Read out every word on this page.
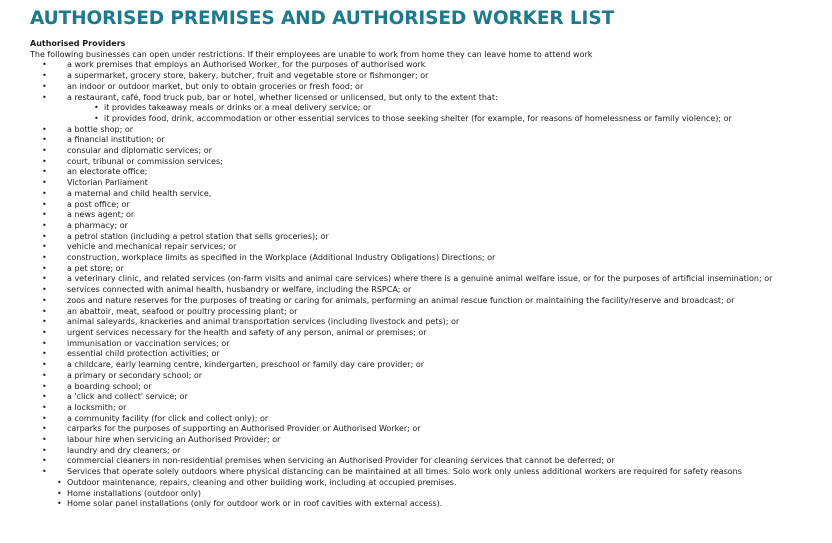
AUTHORISED PREMISES AND AUTHORISED WORKER LIST
Authorised Providers
The following businesses can open under restrictions. If their employees are unable to work from home they can leave home to attend work
•	a work premises that employs an Authorised Worker, for the purposes of authorised work
•	a supermarket, grocery store, bakery, butcher, fruit and vegetable store or fishmonger; or
•	an indoor or outdoor market, but only to obtain groceries or fresh food; or
•	a restaurant, café, food truck pub, bar or hotel, whether licensed or unlicensed, but only to the extent that:
• it provides takeaway meals or drinks or a meal delivery service; or
• it provides food, drink, accommodation or other essential services to those seeking shelter (for example, for reasons of homelessness or family violence); or
•	a bottle shop; or
•	a financial institution; or
•	consular and diplomatic services; or
•	court, tribunal or commission services;
•	an electorate office;
•	Victorian Parliament
•	a maternal and child health service,
•	a post office; or
•	a news agent; or
•	a pharmacy; or
•	a petrol station (including a petrol station that sells groceries); or
•	vehicle and mechanical repair services; or
•	construction, workplace limits as specified in the Workplace (Additional Industry Obligations) Directions; or
•	a pet store; or
•	a veterinary clinic, and related services (on-farm visits and animal care services) where there is a genuine animal welfare issue, or for the purposes of artificial insemination; or
•	services connected with animal health, husbandry or welfare, including the RSPCA; or
•	zoos and nature reserves for the purposes of treating or caring for animals, performing an animal rescue function or maintaining the facility/reserve and broadcast; or
•	an abattoir, meat, seafood or poultry processing plant; or
•	animal saleyards, knackeries and animal transportation services (including livestock and pets); or
•	urgent services necessary for the health and safety of any person, animal or premises; or
•	immunisation or vaccination services; or
•	essential child protection activities; or
•	a childcare, early learning centre, kindergarten, preschool or family day care provider; or
•	a primary or secondary school; or
•	a boarding school; or
•	a 'click and collect' service; or
•	a locksmith; or
•	a community facility (for click and collect only); or
•	carparks for the purposes of supporting an Authorised Provider or Authorised Worker; or
•	labour hire when servicing an Authorised Provider; or
•	laundry and dry cleaners; or
•	commercial cleaners in non-residential premises when servicing an Authorised Provider for cleaning services that cannot be deferred; or
•	Services that operate solely outdoors where physical distancing can be maintained at all times. Solo work only unless additional workers are required for safety reasons
• Outdoor maintenance, repairs, cleaning and other building work, including at occupied premises.
• Home installations (outdoor only)
• Home solar panel installations (only for outdoor work or in roof cavities with external access).
